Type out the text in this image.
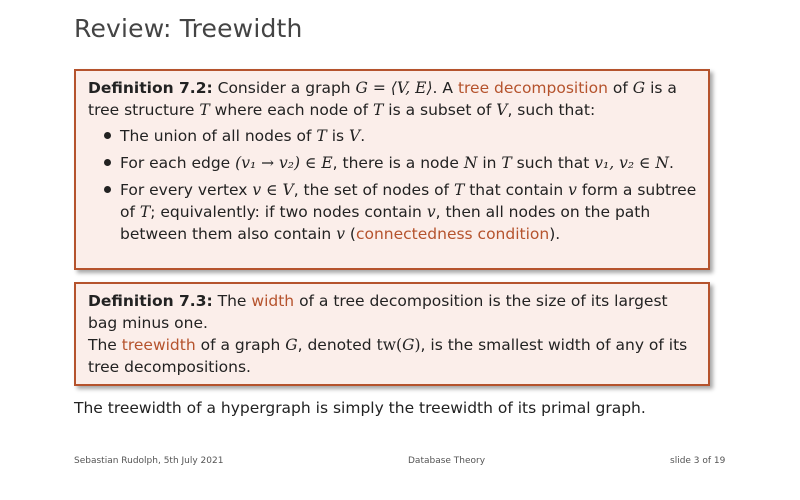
Review: Treewidth
Definition 7.2: Consider a graph G = ⟨V, E⟩. A tree decomposition of G is a tree structure T where each node of T is a subset of V, such that:
The union of all nodes of T is V.
For each edge (v₁ → v₂) ∈ E, there is a node N in T such that v₁, v₂ ∈ N.
For every vertex v ∈ V, the set of nodes of T that contain v form a subtree of T; equivalently: if two nodes contain v, then all nodes on the path between them also contain v (connectedness condition).
Definition 7.3: The width of a tree decomposition is the size of its largest bag minus one.
The treewidth of a graph G, denoted tw(G), is the smallest width of any of its tree decompositions.

The treewidth of a hypergraph is simply the treewidth of its primal graph.

Sebastian Rudolph, 5th July 2021	Database Theory	slide 3 of 19
